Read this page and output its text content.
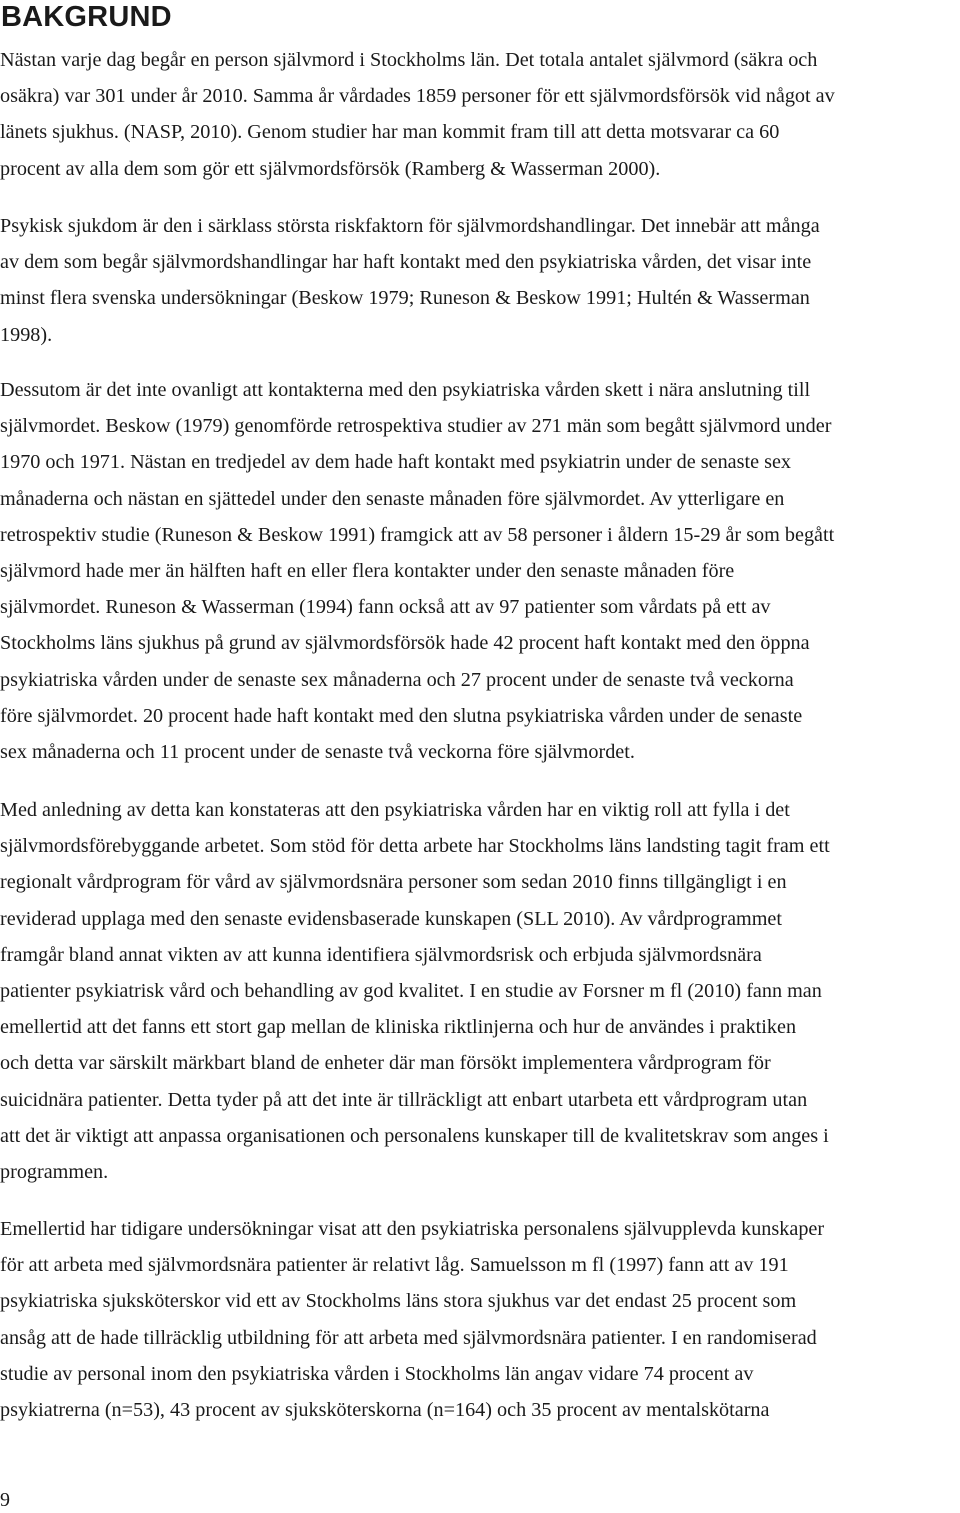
BAKGRUND

Nästan varje dag begår en person självmord i Stockholms län. Det totala antalet självmord (säkra och
osäkra) var 301 under år 2010. Samma år vårdades 1859 personer för ett självmordsförsök vid något av
länets sjukhus. (NASP, 2010). Genom studier har man kommit fram till att detta motsvarar ca 60
procent av alla dem som gör ett självmordsförsök (Ramberg & Wasserman 2000).

Psykisk sjukdom är den i särklass största riskfaktorn för självmordshandlingar. Det innebär att många
av dem som begår självmordshandlingar har haft kontakt med den psykiatriska vården, det visar inte
minst flera svenska undersökningar (Beskow 1979; Runeson & Beskow 1991; Hultén & Wasserman
1998).

Dessutom är det inte ovanligt att kontakterna med den psykiatriska vården skett i nära anslutning till
självmordet. Beskow (1979) genomförde retrospektiva studier av 271 män som begått självmord under
1970 och 1971. Nästan en tredjedel av dem hade haft kontakt med psykiatrin under de senaste sex
månaderna och nästan en sjättedel under den senaste månaden före självmordet. Av ytterligare en
retrospektiv studie (Runeson & Beskow 1991) framgick att av 58 personer i åldern 15-29 år som begått
självmord hade mer än hälften haft en eller flera kontakter under den senaste månaden före
självmordet. Runeson & Wasserman (1994) fann också att av 97 patienter som vårdats på ett av
Stockholms läns sjukhus på grund av självmordsförsök hade 42 procent haft kontakt med den öppna
psykiatriska vården under de senaste sex månaderna och 27 procent under de senaste två veckorna
före självmordet. 20 procent hade haft kontakt med den slutna psykiatriska vården under de senaste
sex månaderna och 11 procent under de senaste två veckorna före självmordet.

Med anledning av detta kan konstateras att den psykiatriska vården har en viktig roll att fylla i det
självmordsförebyggande arbetet. Som stöd för detta arbete har Stockholms läns landsting tagit fram ett
regionalt vårdprogram för vård av självmordsnära personer som sedan 2010 finns tillgängligt i en
reviderad upplaga med den senaste evidensbaserade kunskapen (SLL 2010). Av vårdprogrammet
framgår bland annat vikten av att kunna identifiera självmordsrisk och erbjuda självmordsnära
patienter psykiatrisk vård och behandling av god kvalitet. I en studie av Forsner m fl (2010) fann man
emellertid att det fanns ett stort gap mellan de kliniska riktlinjerna och hur de användes i praktiken
och detta var särskilt märkbart bland de enheter där man försökt implementera vårdprogram för
suicidnära patienter. Detta tyder på att det inte är tillräckligt att enbart utarbeta ett vårdprogram utan
att det är viktigt att anpassa organisationen och personalens kunskaper till de kvalitetskrav som anges i
programmen.

Emellertid har tidigare undersökningar visat att den psykiatriska personalens självupplevda kunskaper
för att arbeta med självmordsnära patienter är relativt låg. Samuelsson m fl (1997) fann att av 191
psykiatriska sjuksköterskor vid ett av Stockholms läns stora sjukhus var det endast 25 procent som
ansåg att de hade tillräcklig utbildning för att arbeta med självmordsnära patienter. I en randomiserad
studie av personal inom den psykiatriska vården i Stockholms län angav vidare 74 procent av
psykiatrerna (n=53), 43 procent av sjuksköterskorna (n=164) och 35 procent av mentalskötarna

9
